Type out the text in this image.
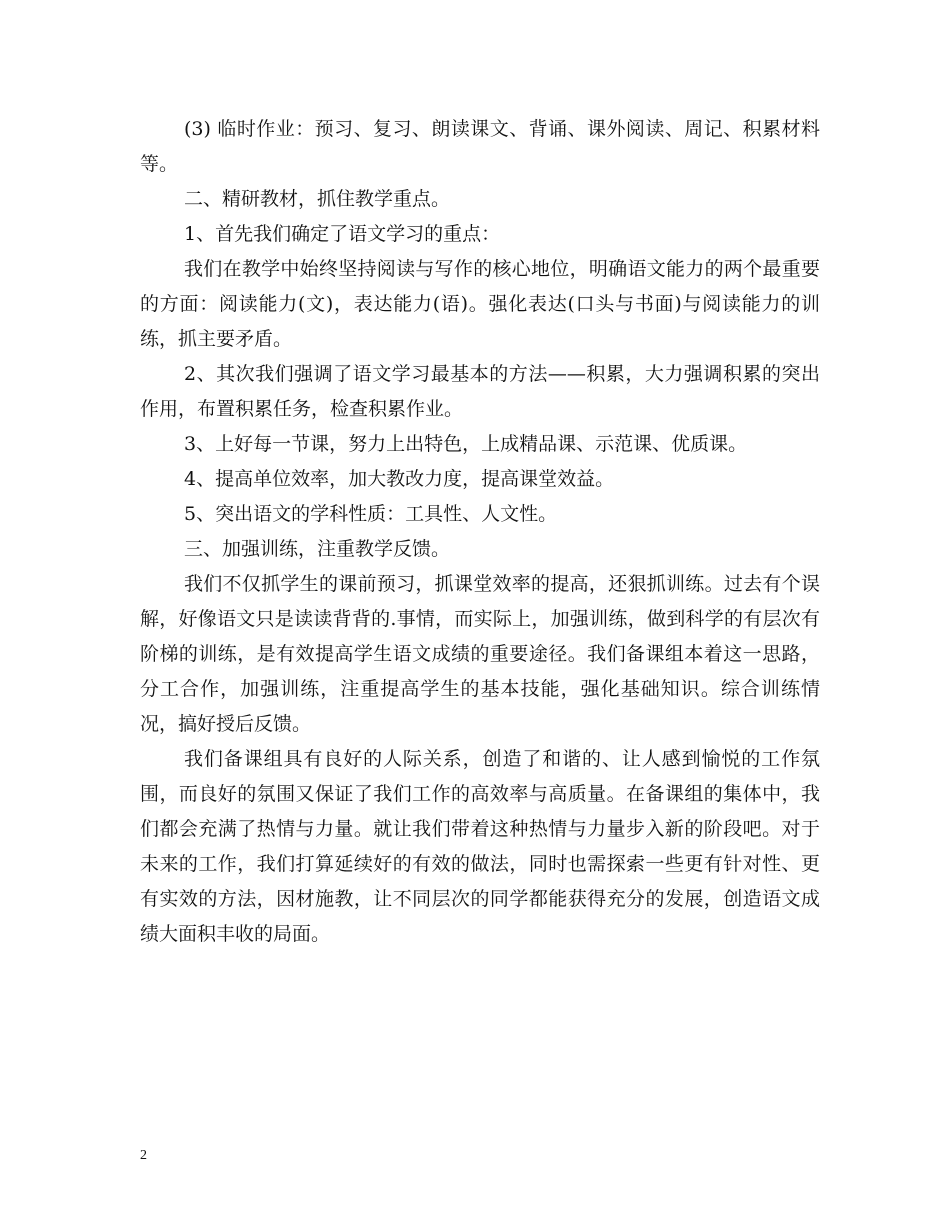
(3) 临时作业：预习、复习、朗读课文、背诵、课外阅读、周记、积累材料等。

二、精研教材，抓住教学重点。

1、首先我们确定了语文学习的重点：

我们在教学中始终坚持阅读与写作的核心地位，明确语文能力的两个最重要的方面：阅读能力(文)，表达能力(语)。强化表达(口头与书面)与阅读能力的训练，抓主要矛盾。

2、其次我们强调了语文学习最基本的方法——积累，大力强调积累的突出作用，布置积累任务，检查积累作业。

3、上好每一节课，努力上出特色，上成精品课、示范课、优质课。

4、提高单位效率，加大教改力度，提高课堂效益。

5、突出语文的学科性质：工具性、人文性。

三、加强训练，注重教学反馈。

我们不仅抓学生的课前预习，抓课堂效率的提高，还狠抓训练。过去有个误解，好像语文只是读读背背的.事情，而实际上，加强训练，做到科学的有层次有阶梯的训练，是有效提高学生语文成绩的重要途径。我们备课组本着这一思路，分工合作，加强训练，注重提高学生的基本技能，强化基础知识。综合训练情况，搞好授后反馈。

我们备课组具有良好的人际关系，创造了和谐的、让人感到愉悦的工作氛围，而良好的氛围又保证了我们工作的高效率与高质量。在备课组的集体中，我们都会充满了热情与力量。就让我们带着这种热情与力量步入新的阶段吧。对于未来的工作，我们打算延续好的有效的做法，同时也需探索一些更有针对性、更有实效的方法，因材施教，让不同层次的同学都能获得充分的发展，创造语文成绩大面积丰收的局面。

2
